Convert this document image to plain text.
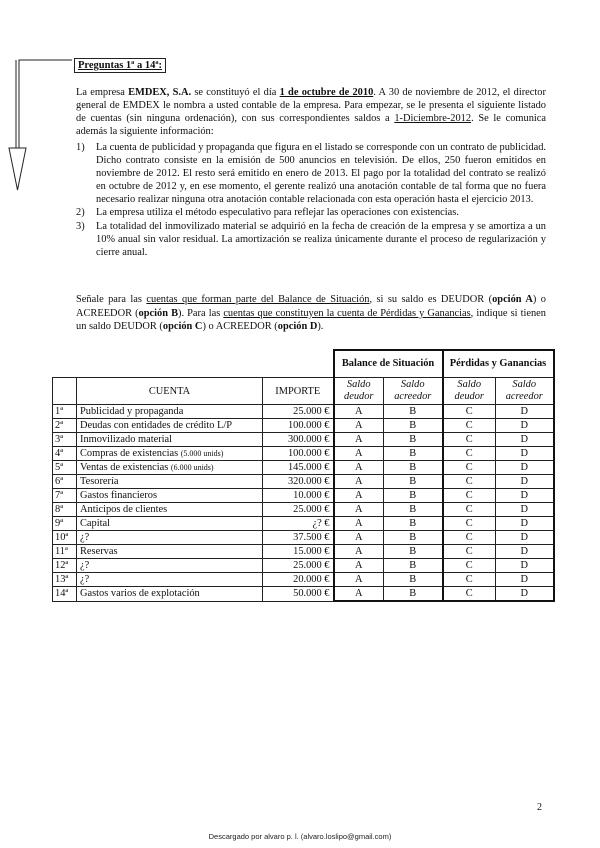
Preguntas 1ª a 14ª:

La empresa EMDEX, S.A. se constituyó el día 1 de octubre de 2010. A 30 de noviembre de 2012, el director general de EMDEX le nombra a usted contable de la empresa. Para empezar, se le presenta el siguiente listado de cuentas (sin ninguna ordenación), con sus correspondientes saldos a 1-Diciembre-2012. Se le comunica además la siguiente información:

1)	La cuenta de publicidad y propaganda que figura en el listado se corresponde con un contrato de publicidad. Dicho contrato consiste en la emisión de 500 anuncios en televisión. De ellos, 250 fueron emitidos en noviembre de 2012. El resto será emitido en enero de 2013. El pago por la totalidad del contrato se realizó en octubre de 2012 y, en ese momento, el gerente realizó una anotación contable de tal forma que no fuera necesario realizar ninguna otra anotación contable relacionada con esta operación hasta el ejercicio 2013.
2)	La empresa utiliza el método especulativo para reflejar las operaciones con existencias.
3)	La totalidad del inmovilizado material se adquirió en la fecha de creación de la empresa y se amortiza a un 10% anual sin valor residual. La amortización se realiza únicamente durante el proceso de regularización y cierre anual.
Señale para las cuentas que forman parte del Balance de Situación, si su saldo es DEUDOR (opción A) o ACREEDOR (opción B). Para las cuentas que constituyen la cuenta de Pérdidas y Ganancias, indique si tienen un saldo DEUDOR (opción C) o ACREEDOR (opción D).
			Balance de Situación		Pérdidas y Ganancias	
	CUENTA	IMPORTE	Saldo deudor	Saldo acreedor	Saldo deudor	Saldo acreedor
1ª	Publicidad y propaganda	25.000 €	A	B	C	D
2ª	Deudas con entidades de crédito L/P	100.000 €	A	B	C	D
3ª	Inmovilizado material	300.000 €	A	B	C	D
4ª	Compras de existencias (5.000 unids)	100.000 €	A	B	C	D
5ª	Ventas de existencias (6.000 unids)	145.000 €	A	B	C	D
6ª	Tesorería	320.000 €	A	B	C	D
7ª	Gastos financieros	10.000 €	A	B	C	D
8ª	Anticipos de clientes	25.000 €	A	B	C	D
9ª	Capital	¿? €	A	B	C	D
10ª	¿?	37.500 €	A	B	C	D
11ª	Reservas	15.000 €	A	B	C	D
12ª	¿?	25.000 €	A	B	C	D
13ª	¿?	20.000 €	A	B	C	D
14ª	Gastos varios de explotación	50.000 €	A	B	C	D
2
Descargado por alvaro p. l. (alvaro.loslipo@gmail.com)
